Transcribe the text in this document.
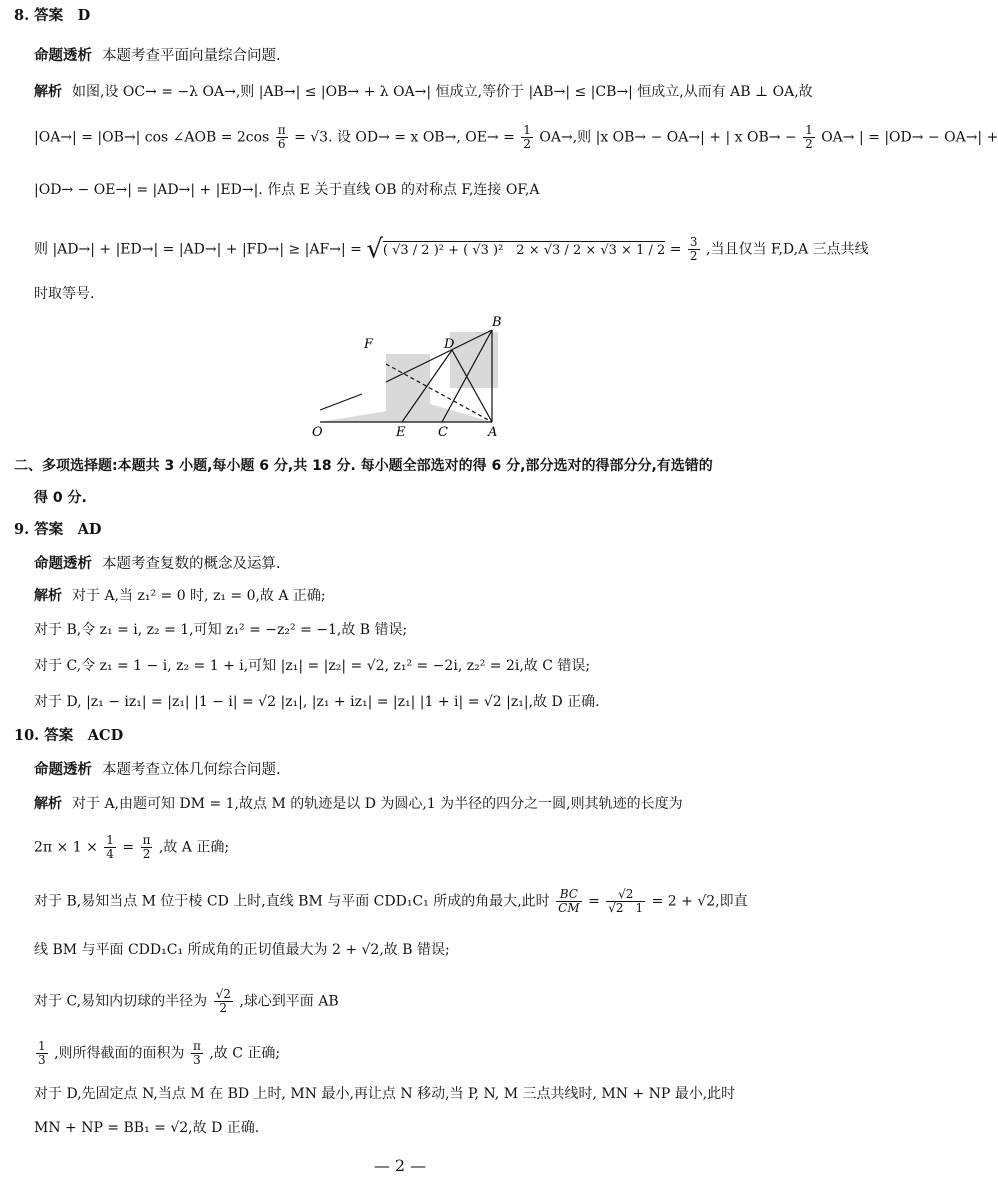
8. 答案　D
命题透析 本题考查平面向量综合问题.
解析 如图,设 OC→ = −λ OA→,则 |AB→| ≤ |OB→ + λ OA→| 恒成立,等价于 |AB→| ≤ |CB→| 恒成立,从而有 AB ⊥ OA,故
|OA→| = |OB→| cos ∠AOB = $2\cos \frac{\pi}{6} = √3$. 设 OD→ = x OB→, $OE\to = \frac{1}{2} OA\to$,则 |x OB→ − OA→| + | x $OB\to - \frac{1}{2} OA\to$ | = |OD→ − OA→| +
|OD→ − OE→| = |AD→| + |ED→|. 作点 E 关于直线 OB 的对称点 F,连接 OF,A
则 |AD→| + |ED→| = |AD→| + |FD→| ≥ |AF→| = √( √3 / 2 )² + ( √3 )²　$2 \times √3 / 2 \times √3 \times 1 / 2 = \frac{3}{2}$ ,当且仅当 F,D,A 三点共线
时取等号.
B
F	D
O	E	C	A
二、多项选择题:本题共 3 小题,每小题 6 分,共 18 分. 每小题全部选对的得 6 分,部分选对的得部分分,有选错的
得 0 分.
9. 答案　AD
命题透析 本题考查复数的概念及运算.
解析 对于 A,当 z₁² = 0 时, z₁ = 0,故 A 正确;
对于 B,令 z₁ = i, z₂ = 1,可知 z₁² = −z₂² = −1,故 B 错误;
对于 C,令 z₁ = 1 − i, z₂ = 1 + i,可知 |z₁| = |z₂| = √2, z₁² = −2i, z₂² = 2i,故 C 错误;
对于 D, |z₁ − iz₁| = |z₁| |1 − i| = √2 |z₁|, |z₁ + iz₁| = |z₁| |1 + i| = √2 |z₁|,故 D 正确.
10. 答案　ACD
命题透析 本题考查立体几何综合问题.
解析 对于 A,由题可知 DM = 1,故点 M 的轨迹是以 D 为圆心,1 为半径的四分之一圆,则其轨迹的长度为
$2\pi \times 1 \times \frac{1}{4} = \frac{\pi}{2}$ ,故 A 正确;
对于 B,易知当点 M 位于棱 CD 上时,直线 BM 与平面 CDD₁C₁ 所成的角最大,此时 $\frac{BC}{CM} = \frac{√2}{√2 1} = 2 + √2$,即直
线 BM 与平面 CDD₁C₁ 所成角的正切值最大为 2 + √2,故 B 错误;
对于 C,易知内切球的半径为 $\frac{√2}{2}$ ,球心到平面 AB
$\frac{1}{3}$ ,则所得截面的面积为 $\frac{\pi}{3}$ ,故 C 正确;
对于 D,先固定点 N,当点 M 在 BD 上时, MN 最小,再让点 N 移动,当 P, N, M 三点共线时, MN + NP 最小,此时
MN + NP = BB₁ = √2,故 D 正确.
— 2 —
